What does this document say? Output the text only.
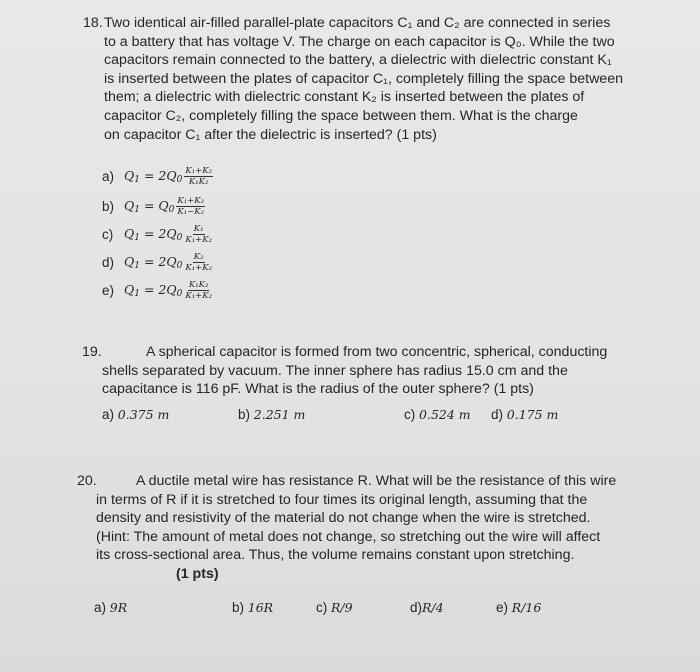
18. Two identical air-filled parallel-plate capacitors C₁ and C₂ are connected in series
to a battery that has voltage V. The charge on each capacitor is Q₀. While the two
capacitors remain connected to the battery, a dielectric with dielectric constant K₁
is inserted between the plates of capacitor C₁, completely filling the space between
them; a dielectric with dielectric constant K₂ is inserted between the plates of
capacitor C₂, completely filling the space between them. What is the charge
on capacitor C₁ after the dielectric is inserted? (1 pts)
a) $Q_1 = 2Q_0 \frac{\text{K₁+K₂}}{\text{K₁K₂}}$
b) $Q_1 = Q_0 \frac{\text{K₁+K₂}}{\text{K₁−K₂}}$
c) $Q_1 = 2Q_0 \frac{\text{K₁}}{\text{K₁+K₂}}$
d) $Q_1 = 2Q_0 \frac{\text{K₂}}{\text{K₁+K₂}}$
e) $Q_1 = 2Q_0 \frac{\text{K₁K₂}}{\text{K₁+K₂}}$
19.	A spherical capacitor is formed from two concentric, spherical, conducting
shells separated by vacuum. The inner sphere has radius 15.0 cm and the
capacitance is 116 pF. What is the radius of the outer sphere? (1 pts)
a) 0.375 m	b) 2.251 m	c) 0.524 m d) 0.175 m
20.	A ductile metal wire has resistance R. What will be the resistance of this wire
in terms of R if it is stretched to four times its original length, assuming that the
density and resistivity of the material do not change when the wire is stretched.
(Hint: The amount of metal does not change, so stretching out the wire will affect
its cross-sectional area. Thus, the volume remains constant upon stretching.
(1 pts)
a) 9R	b) 16R	c) R/9	d)R/4	e) R/16
